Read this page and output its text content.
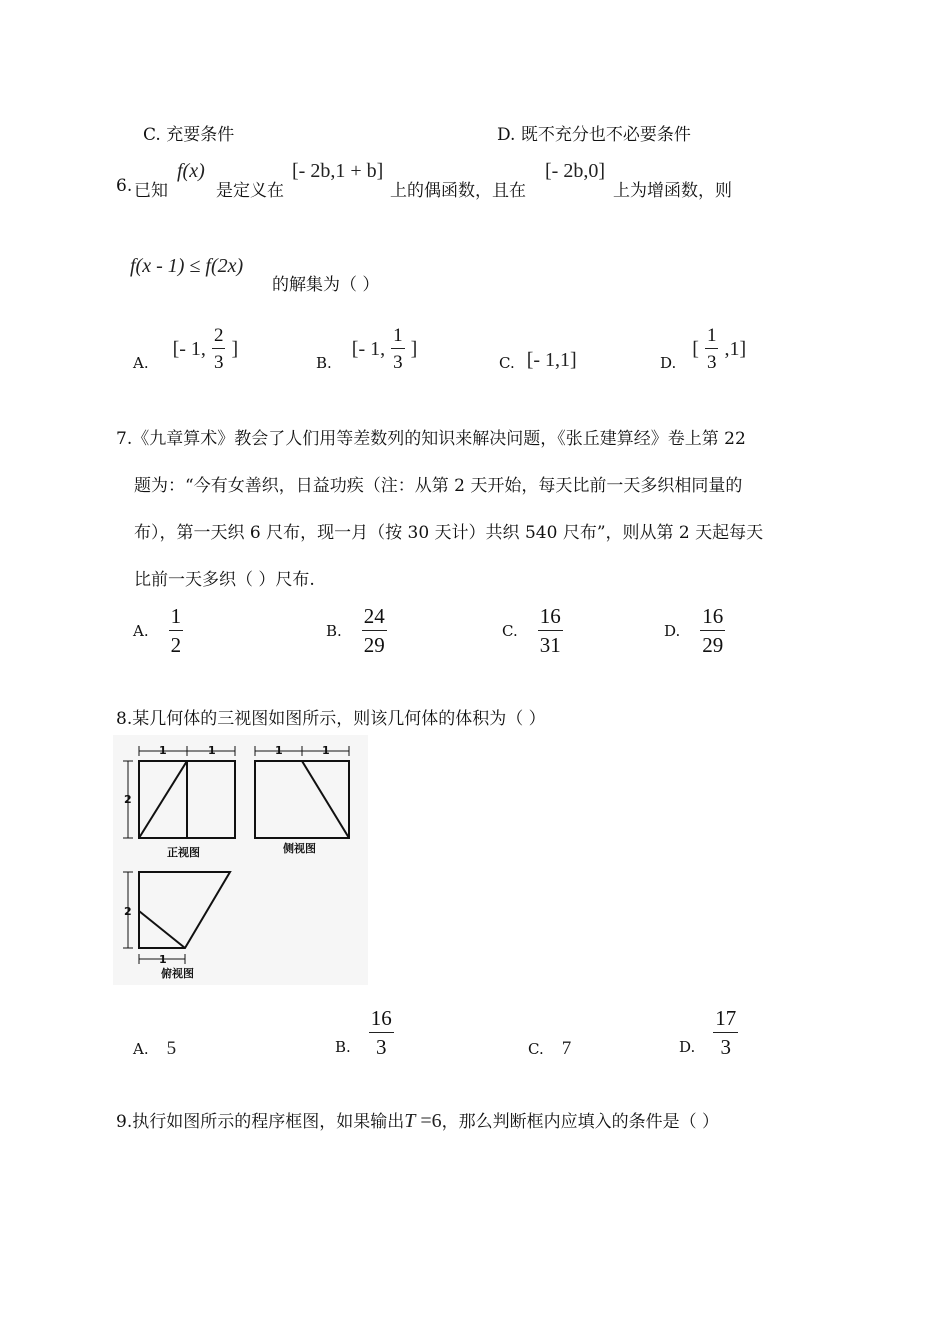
C. 充要条件	D. 既不充分也不必要条件
6. 已知
f(x)
是定义在
[- 2b,1 + b]
上的偶函数，且在
[- 2b,0]
上为增函数，则
f(x - 1) ≤ f(2x)
的解集为（ ）
A.
[- 1, $\frac{2}{3}$ ]
B.
[- 1, $\frac{1}{3}$ ]
C. [- 1,1]	D.
[ $\frac{1}{3} ,1$]
7.《九章算术》教会了人们用等差数列的知识来解决问题，《张丘建算经》卷上第 22
题为：“今有女善织，日益功疾（注：从第 2 天开始，每天比前一天多织相同量的
布），第一天织 6 尺布，现一月（按 30 天计）共织 540 尺布”，则从第 2 天起每天
比前一天多织（ ）尺布.
A. $\frac{1}{2}$	B. $\frac{24}{29}$	C. $\frac{16}{31}$	D. $\frac{16}{29}$
8.某几何体的三视图如图所示，则该几何体的体积为（ ）
1	1	1	1
2
2
1
正视图	侧视图
俯视图
A. 5	B. $\frac{16}{3}$	C. 7	D. $\frac{17}{3}$
9.执行如图所示的程序框图，如果输出T =6，那么判断框内应填入的条件是（ ）
